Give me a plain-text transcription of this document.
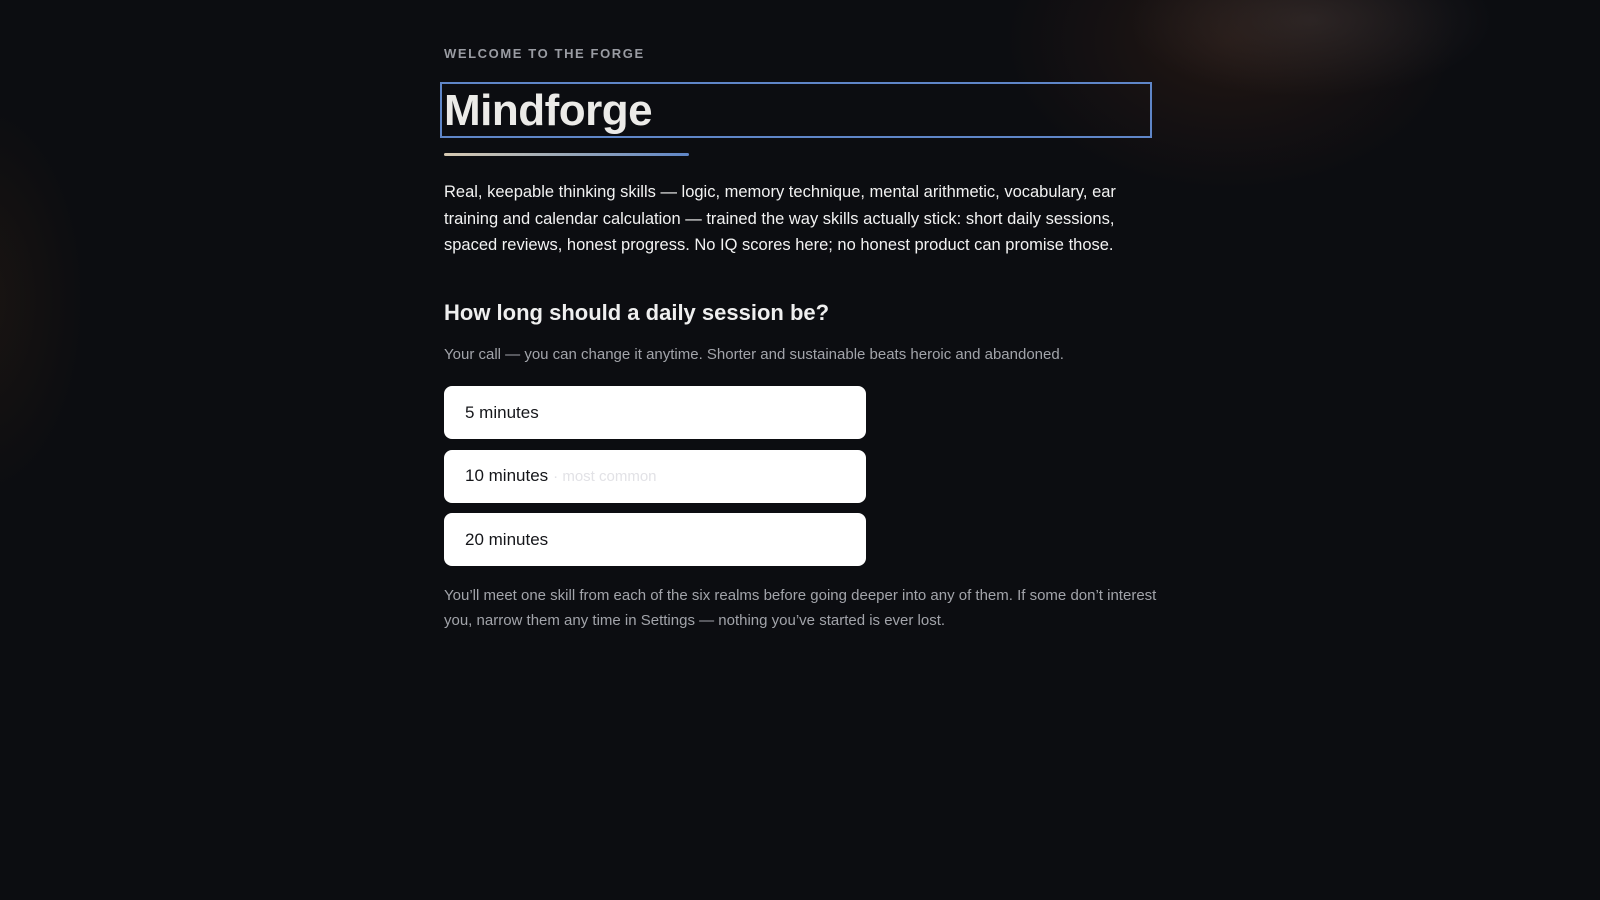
WELCOME TO THE FORGE
Mindforge
Real, keepable thinking skills — logic, memory technique, mental arithmetic, vocabulary, ear training and calendar calculation — trained the way skills actually stick: short daily sessions, spaced reviews, honest progress. No IQ scores here; no honest product can promise those.
How long should a daily session be?
Your call — you can change it anytime. Shorter and sustainable beats heroic and abandoned.
5 minutes
10 minutes · most common
20 minutes
You’ll meet one skill from each of the six realms before going deeper into any of them. If some don’t interest you, narrow them any time in Settings — nothing you’ve started is ever lost.
